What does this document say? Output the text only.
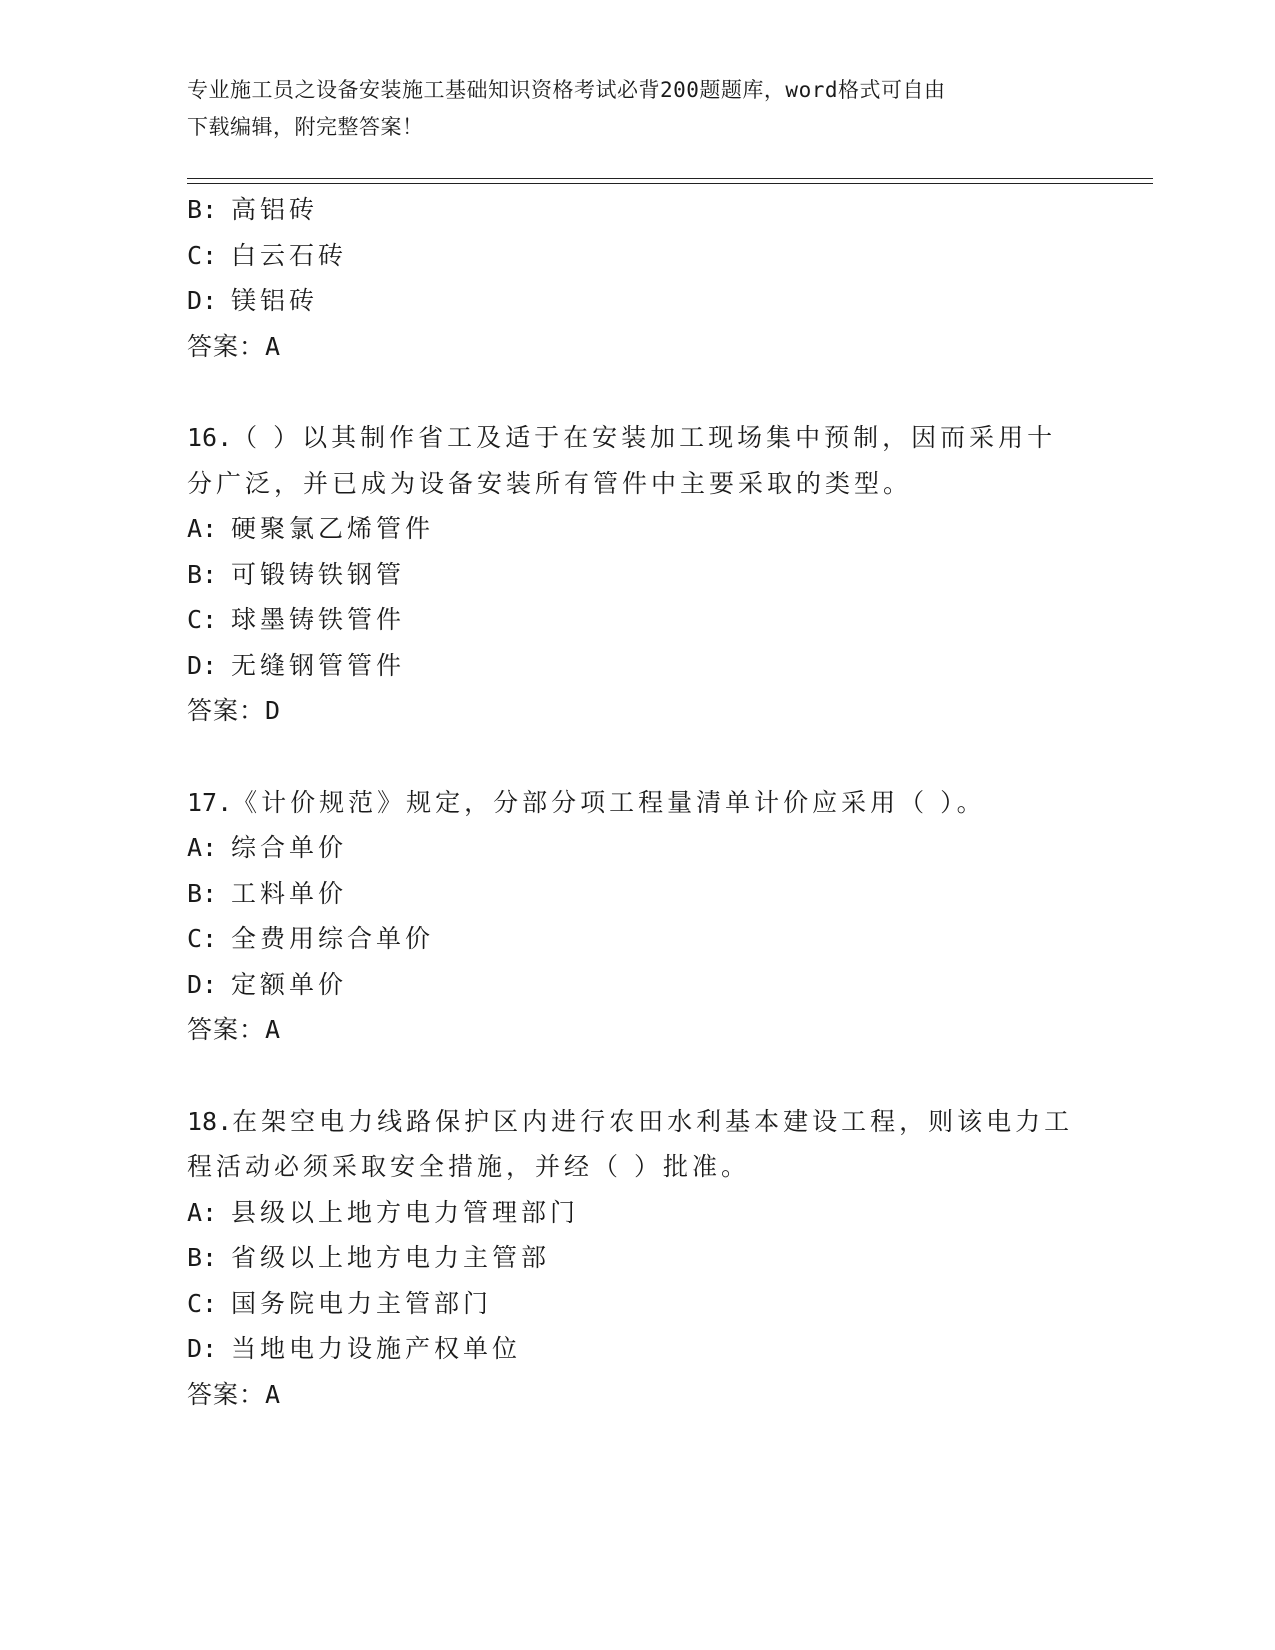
专业施工员之设备安装施工基础知识资格考试必背200题题库，word格式可自由
下载编辑，附完整答案！
B: 高铝砖
C: 白云石砖
D: 镁铝砖
答案：A
16.（ ）以其制作省工及适于在安装加工现场集中预制，因而采用十
分广泛，并已成为设备安装所有管件中主要采取的类型。
A: 硬聚氯乙烯管件
B: 可锻铸铁钢管
C: 球墨铸铁管件
D: 无缝钢管管件
答案：D
17.《计价规范》规定，分部分项工程量清单计价应采用（ ）。
A: 综合单价
B: 工料单价
C: 全费用综合单价
D: 定额单价
答案：A
18.在架空电力线路保护区内进行农田水利基本建设工程，则该电力工
程活动必须采取安全措施，并经（ ）批准。
A: 县级以上地方电力管理部门
B: 省级以上地方电力主管部
C: 国务院电力主管部门
D: 当地电力设施产权单位
答案：A
